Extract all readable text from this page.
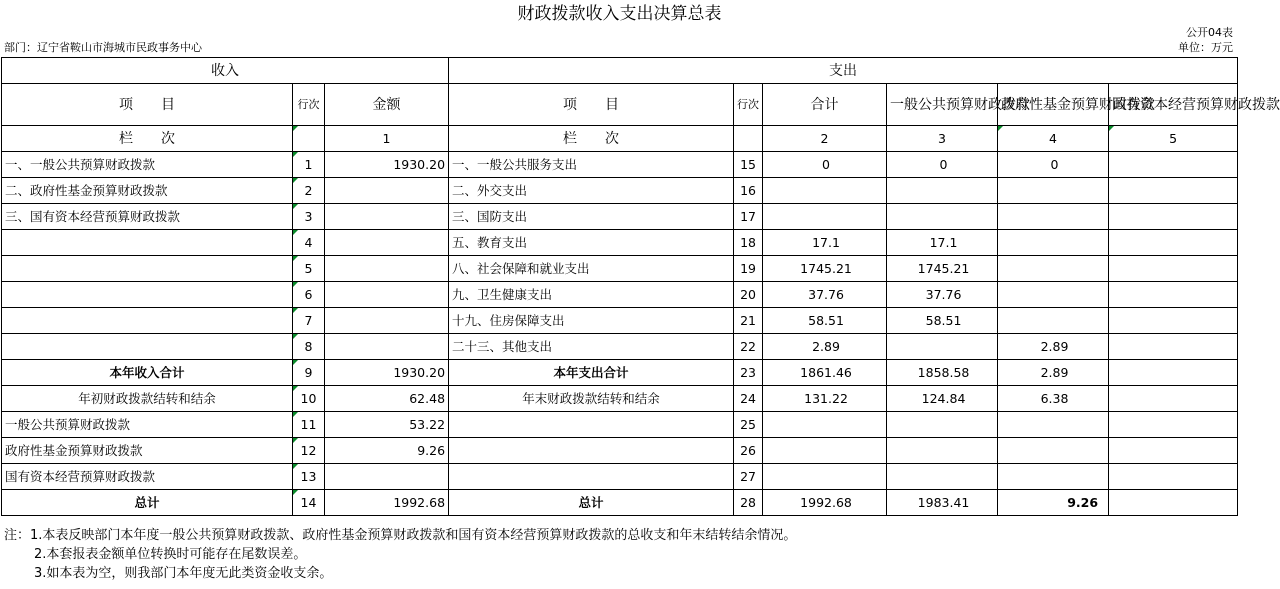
财政拨款收入支出决算总表
公开04表
单位：万元
部门：辽宁省鞍山市海城市民政事务中心
收入			支出					
项　　目	行次	金额	项　　目	行次	合计	一般公共预算财政拨款	政府性基金预算财政拨款	国有资本经营预算财政拨款
栏　　次		1	栏　　次		2	3	4	5
一、一般公共预算财政拨款	1	1930.20	一、一般公共服务支出	15	0	0	0	
二、政府性基金预算财政拨款	2		二、外交支出	16				
三、国有资本经营预算财政拨款	3		三、国防支出	17				
	4		五、教育支出	18	17.1	17.1		
	5		八、社会保障和就业支出	19	1745.21	1745.21		
	6		九、卫生健康支出	20	37.76	37.76		
	7		十九、住房保障支出	21	58.51	58.51		
	8		二十三、其他支出	22	2.89		2.89	
本年收入合计	9	1930.20	本年支出合计	23	1861.46	1858.58	2.89	
年初财政拨款结转和结余	10	62.48	年末财政拨款结转和结余	24	131.22	124.84	6.38	
一般公共预算财政拨款	11	53.22		25				
政府性基金预算财政拨款	12	9.26		26				
国有资本经营预算财政拨款	13			27				
总计	14	1992.68	总计	28	1992.68	1983.41	9.26	
注：1.本表反映部门本年度一般公共预算财政拨款、政府性基金预算财政拨款和国有资本经营预算财政拨款的总收支和年末结转结余情况。
2.本套报表金额单位转换时可能存在尾数误差。
3.如本表为空，则我部门本年度无此类资金收支余。
